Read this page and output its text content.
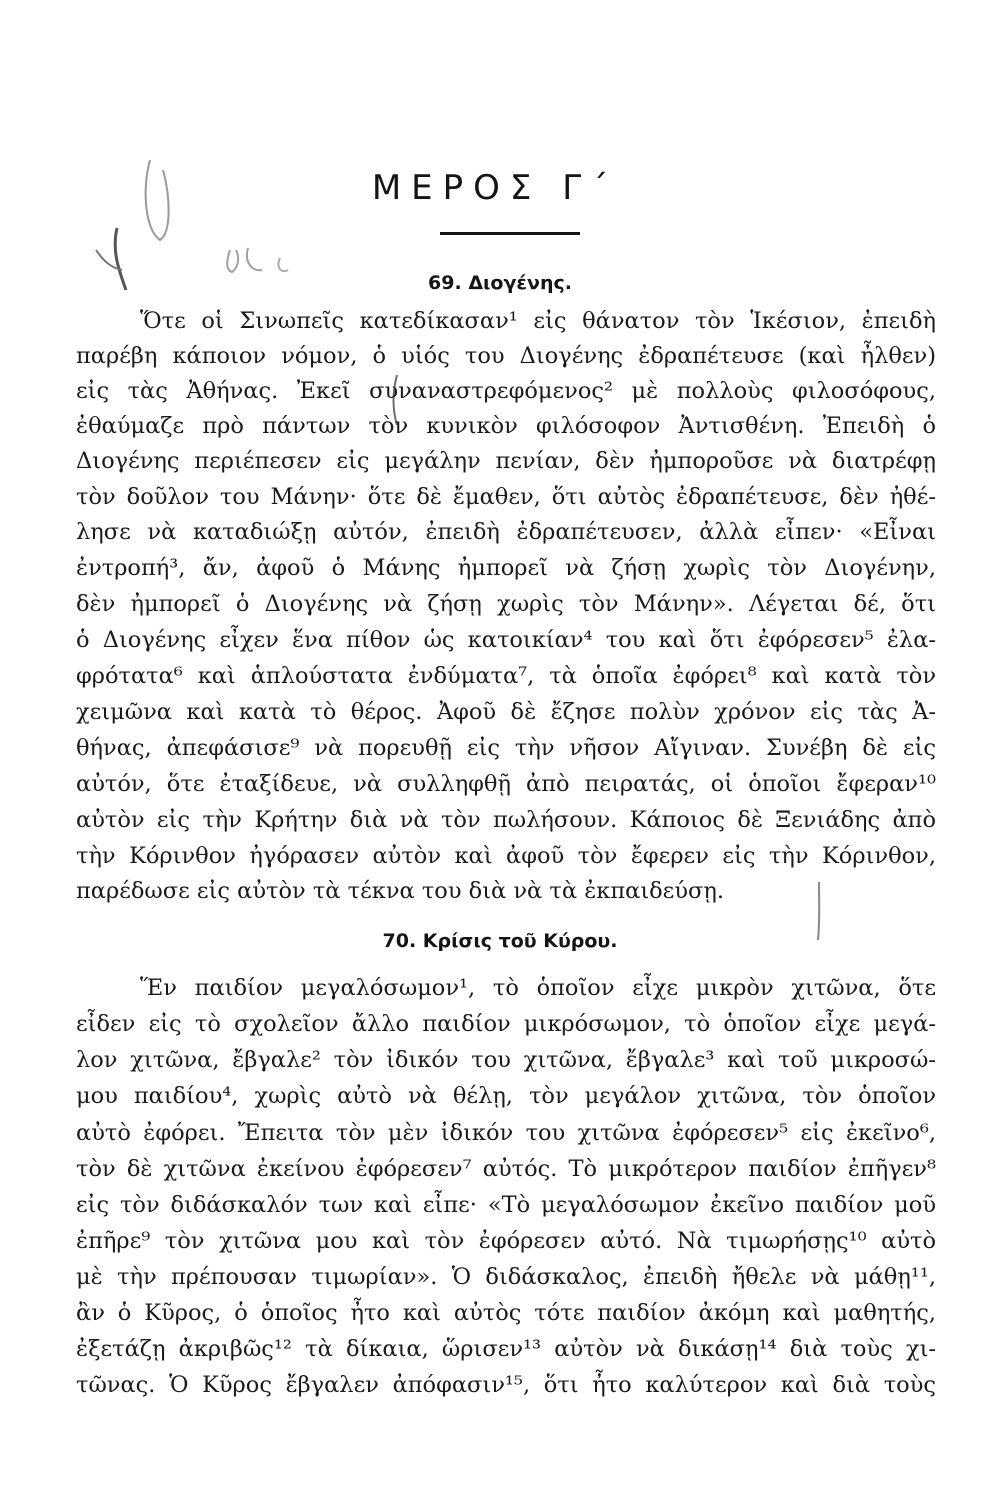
ΜΕΡΟΣ Γ΄
69. Διογένης.
Ὅτε οἱ Σινωπεῖς κατεδίκασαν¹ εἰς θάνατον τὸν Ἱκέσιον, ἐπειδὴ
παρέβη κάποιον νόμον, ὁ υἱός του Διογένης ἐδραπέτευσε (καὶ ἦλθεν)
εἰς τὰς Ἀθήνας. Ἐκεῖ συναναστρεφόμενος² μὲ πολλοὺς φιλοσόφους,
ἐθαύμαζε πρὸ πάντων τὸν κυνικὸν φιλόσοφον Ἀντισθένη. Ἐπειδὴ ὁ
Διογένης περιέπεσεν εἰς μεγάλην πενίαν, δὲν ἠμποροῦσε νὰ διατρέφῃ
τὸν δοῦλον του Μάνην· ὅτε δὲ ἔμαθεν, ὅτι αὐτὸς ἐδραπέτευσε, δὲν ἠθέ-
λησε νὰ καταδιώξῃ αὐτόν, ἐπειδὴ ἐδραπέτευσεν, ἀλλὰ εἶπεν· «Εἶναι
ἐντροπή³, ἄν, ἀφοῦ ὁ Μάνης ἠμπορεῖ νὰ ζήσῃ χωρὶς τὸν Διογένην,
δὲν ἠμπορεῖ ὁ Διογένης νὰ ζήσῃ χωρὶς τὸν Μάνην». Λέγεται δέ, ὅτι
ὁ Διογένης εἶχεν ἕνα πίθον ὡς κατοικίαν⁴ του καὶ ὅτι ἐφόρεσεν⁵ ἐλα-
φρότατα⁶ καὶ ἁπλούστατα ἐνδύματα⁷, τὰ ὁποῖα ἐφόρει⁸ καὶ κατὰ τὸν
χειμῶνα καὶ κατὰ τὸ θέρος. Ἀφοῦ δὲ ἔζησε πολὺν χρόνον εἰς τὰς Ἀ-
θήνας, ἀπεφάσισε⁹ νὰ πορευθῇ εἰς τὴν νῆσον Αἴγιναν. Συνέβη δὲ εἰς
αὐτόν, ὅτε ἐταξίδευε, νὰ συλληφθῇ ἀπὸ πειρατάς, οἱ ὁποῖοι ἔφεραν¹⁰
αὐτὸν εἰς τὴν Κρήτην διὰ νὰ τὸν πωλήσουν. Κάποιος δὲ Ξενιάδης ἀπὸ
τὴν Κόρινθον ἠγόρασεν αὐτὸν καὶ ἀφοῦ τὸν ἔφερεν εἰς τὴν Κόρινθον,
παρέδωσε εἰς αὐτὸν τὰ τέκνα του διὰ νὰ τὰ ἐκπαιδεύσῃ.
70. Κρίσις τοῦ Κύρου.
Ἕν παιδίον μεγαλόσωμον¹, τὸ ὁποῖον εἶχε μικρὸν χιτῶνα, ὅτε
εἶδεν εἰς τὸ σχολεῖον ἄλλο παιδίον μικρόσωμον, τὸ ὁποῖον εἶχε μεγά-
λον χιτῶνα, ἔβγαλε² τὸν ἰδικόν του χιτῶνα, ἔβγαλε³ καὶ τοῦ μικροσώ-
μου παιδίου⁴, χωρὶς αὐτὸ νὰ θέλῃ, τὸν μεγάλον χιτῶνα, τὸν ὁποῖον
αὐτὸ ἐφόρει. Ἔπειτα τὸν μὲν ἰδικόν του χιτῶνα ἐφόρεσεν⁵ εἰς ἐκεῖνο⁶,
τὸν δὲ χιτῶνα ἐκείνου ἐφόρεσεν⁷ αὐτός. Τὸ μικρότερον παιδίον ἐπῆγεν⁸
εἰς τὸν διδάσκαλόν των καὶ εἶπε· «Τὸ μεγαλόσωμον ἐκεῖνο παιδίον μοῦ
ἐπῆρε⁹ τὸν χιτῶνα μου καὶ τὸν ἐφόρεσεν αὐτό. Νὰ τιμωρήσῃς¹⁰ αὐτὸ
μὲ τὴν πρέπουσαν τιμωρίαν». Ὁ διδάσκαλος, ἐπειδὴ ἤθελε νὰ μάθῃ¹¹,
ἂν ὁ Κῦρος, ὁ ὁποῖος ἦτο καὶ αὐτὸς τότε παιδίον ἀκόμη καὶ μαθητής,
ἐξετάζῃ ἀκριβῶς¹² τὰ δίκαια, ὥρισεν¹³ αὐτὸν νὰ δικάσῃ¹⁴ διὰ τοὺς χι-
τῶνας. Ὁ Κῦρος ἔβγαλεν ἀπόφασιν¹⁵, ὅτι ἦτο καλύτερον καὶ διὰ τοὺς
